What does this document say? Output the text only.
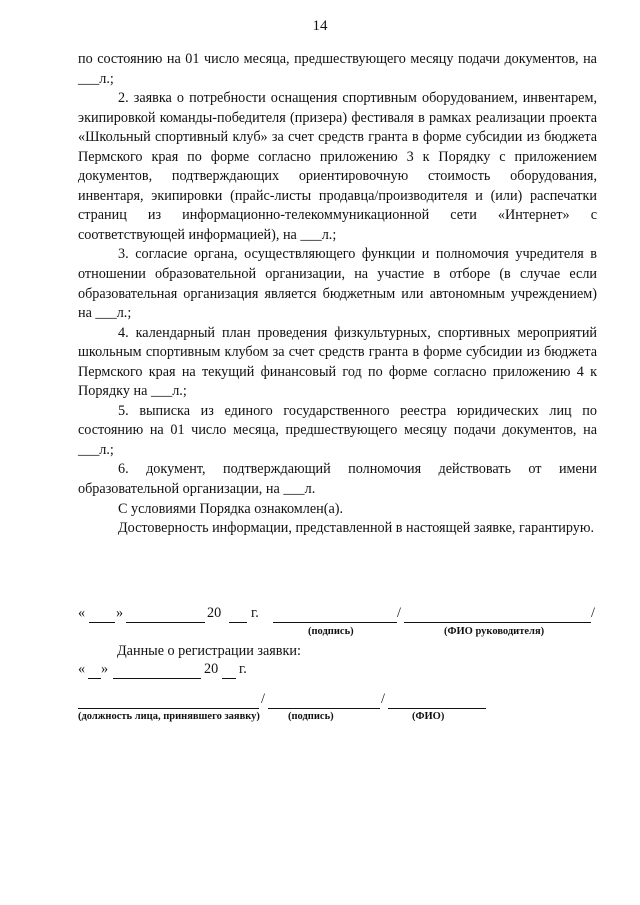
14

по состоянию на 01 число месяца, предшествующего месяцу подачи документов, на ___л.;

2. заявка о потребности оснащения спортивным оборудованием, инвентарем, экипировкой команды-победителя (призера) фестиваля в рамках реализации проекта «Школьный спортивный клуб» за счет средств гранта в форме субсидии из бюджета Пермского края по форме согласно приложению 3 к Порядку с приложением документов, подтверждающих ориентировочную стоимость оборудования, инвентаря, экипировки (прайс-листы продавца/производителя и (или) распечатки страниц из информационно-телекоммуникационной сети «Интернет» с соответствующей информацией), на ___л.;

3. согласие органа, осуществляющего функции и полномочия учредителя в отношении образовательной организации, на участие в отборе (в случае если образовательная организация является бюджетным или автономным учреждением) на ___л.;

4. календарный план проведения физкультурных, спортивных мероприятий школьным спортивным клубом за счет средств гранта в форме субсидии из бюджета Пермского края на текущий финансовый год по форме согласно приложению 4 к Порядку на ___л.;

5. выписка из единого государственного реестра юридических лиц по состоянию на 01 число месяца, предшествующего месяцу подачи документов, на ___л.;

6. документ, подтверждающий полномочия действовать от имени образовательной организации, на ___л.

С условиями Порядка ознакомлен(а).

Достоверность информации, представленной в настоящей заявке, гарантирую.

« »	20 г.	/	/
(подпись)	(ФИО руководителя)
Данные о регистрации заявки:
« »	20 г.
/	/
(должность лица, принявшего заявку)	(подпись)	(ФИО)
